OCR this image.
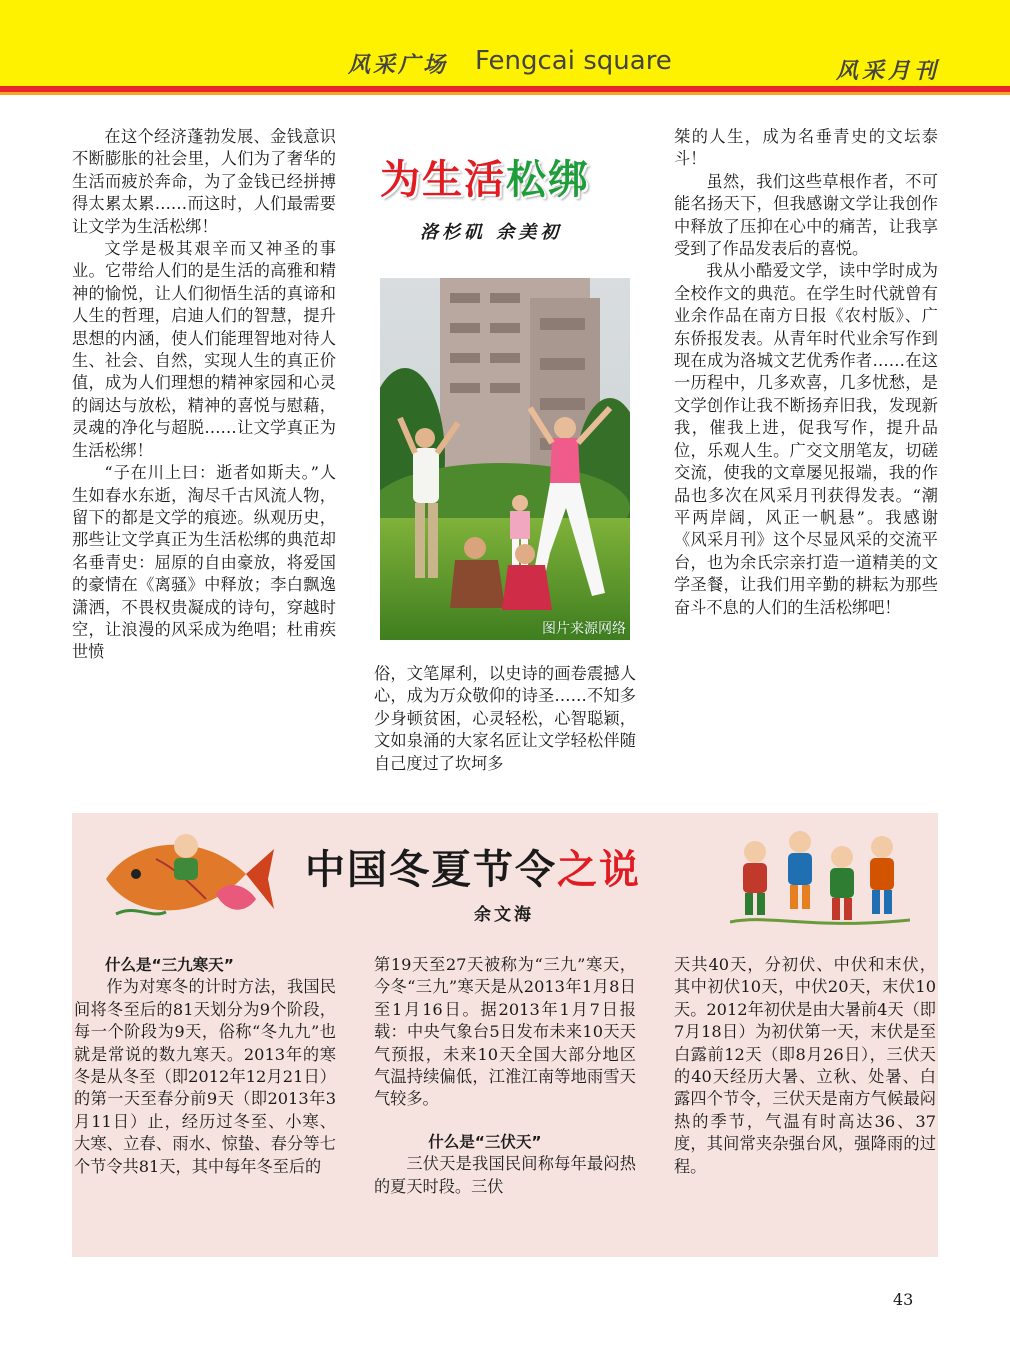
风采广场 Fengcai square	风采月刊

在这个经济蓬勃发展、金钱意识不断膨胀的社会里，人们为了奢华的生活而疲於奔命，为了金钱已经拼搏得太累太累……而这时，人们最需要让文学为生活松绑！

文学是极其艰辛而又神圣的事业。它带给人们的是生活的高雅和精神的愉悦，让人们彻悟生活的真谛和人生的哲理，启迪人们的智慧，提升思想的内涵，使人们能理智地对待人生、社会、自然，实现人生的真正价值，成为人们理想的精神家园和心灵的阔达与放松，精神的喜悦与慰藉，灵魂的净化与超脱……让文学真正为生活松绑！

“子在川上曰：逝者如斯夫。”人生如春水东逝，淘尽千古风流人物，留下的都是文学的痕迹。纵观历史，那些让文学真正为生活松绑的典范却名垂青史：屈原的自由豪放，将爱国的豪情在《离骚》中释放；李白飘逸潇洒，不畏权贵凝成的诗句，穿越时空，让浪漫的风采成为绝唱；杜甫疾世愤

为生活松绑
洛杉矶 余美初
图片来源网络

俗，文笔犀利，以史诗的画卷震撼人心，成为万众敬仰的诗圣……不知多少身顿贫困，心灵轻松，心智聪颖，文如泉涌的大家名匠让文学轻松伴随自己度过了坎坷多

桀的人生，成为名垂青史的文坛泰斗！

虽然，我们这些草根作者，不可能名扬天下，但我感谢文学让我创作中释放了压抑在心中的痛苦，让我享受到了作品发表后的喜悦。

我从小酷爱文学，读中学时成为全校作文的典范。在学生时代就曾有业余作品在南方日报《农村版》、广东侨报发表。从青年时代业余写作到现在成为洛城文艺优秀作者……在这一历程中，几多欢喜，几多忧愁，是文学创作让我不断扬弃旧我，发现新我，催我上进，促我写作，提升品位，乐观人生。广交文朋笔友，切磋交流，使我的文章屡见报端，我的作品也多次在风采月刊获得发表。“潮平两岸阔，风正一帆悬”。我感谢《风采月刊》这个尽显风采的交流平台，也为余氏宗亲打造一道精美的文学圣餐，让我们用辛勤的耕耘为那些奋斗不息的人们的生活松绑吧！

中国冬夏节令之说
余文海

什么是“三九寒天”

作为对寒冬的计时方法，我国民间将冬至后的81天划分为9个阶段，每一个阶段为9天，俗称“冬九九”也就是常说的数九寒天。2013年的寒冬是从冬至（即2012年12月21日）的第一天至春分前9天（即2013年3月11日）止，经历过冬至、小寒、大寒、立春、雨水、惊蛰、春分等七个节令共81天，其中每年冬至后的

第19天至27天被称为“三九”寒天，今冬“三九”寒天是从2013年1月8日至1月16日。据2013年1月7日报载：中央气象台5日发布未来10天天气预报，未来10天全国大部分地区气温持续偏低，江淮江南等地雨雪天气较多。

什么是“三伏天”

三伏天是我国民间称每年最闷热的夏天时段。三伏

天共40天，分初伏、中伏和末伏，其中初伏10天，中伏20天，末伏10天。2012年初伏是由大暑前4天（即7月18日）为初伏第一天，末伏是至白露前12天（即8月26日），三伏天的40天经历大暑、立秋、处暑、白露四个节令，三伏天是南方气候最闷热的季节，气温有时高达36、37度，其间常夹杂强台风，强降雨的过程。

43
